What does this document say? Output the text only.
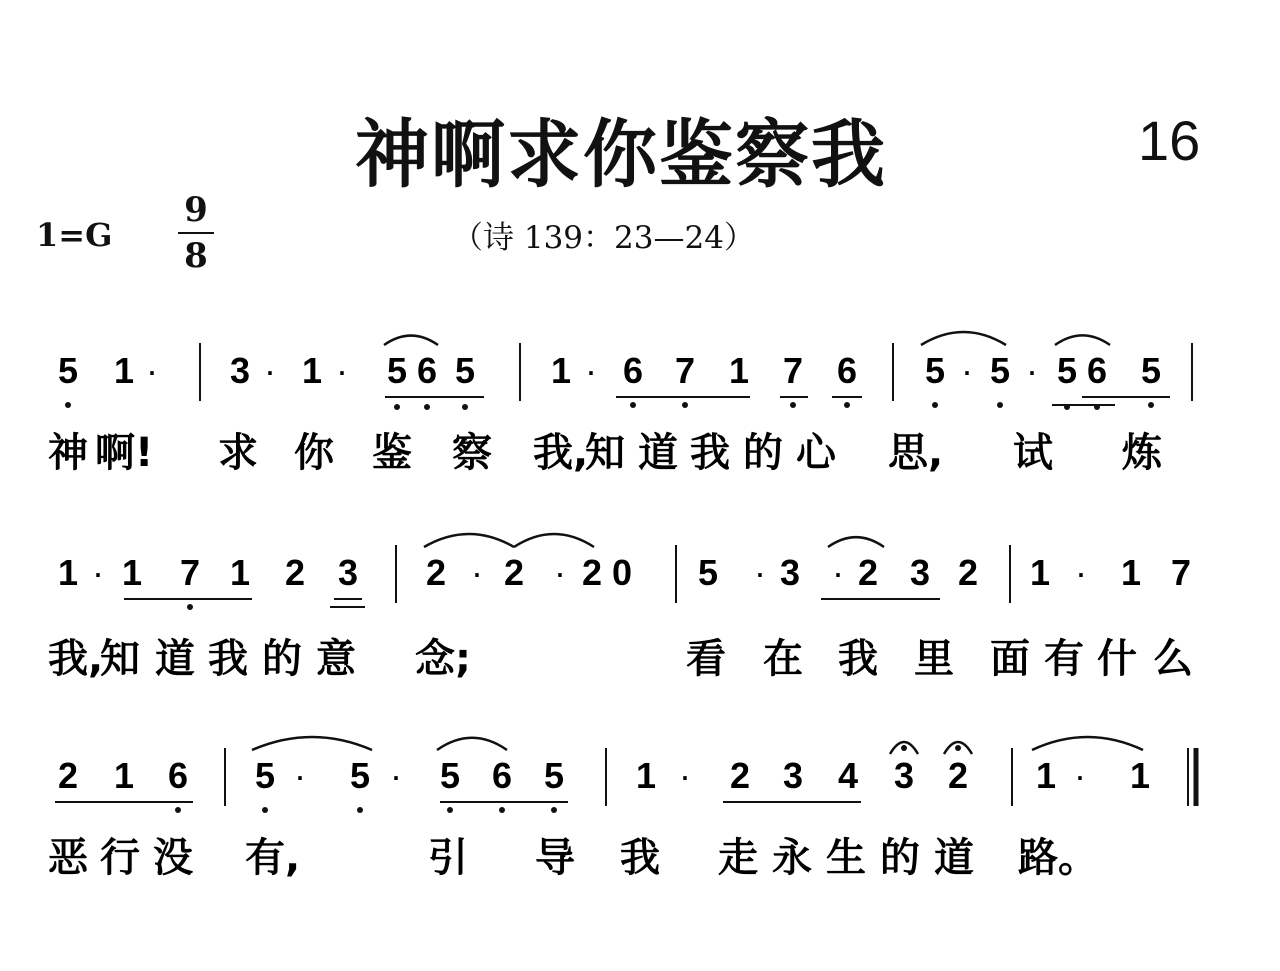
神啊求你鉴察我	16
1=G
9
8	（诗 139：23—24）
5 1 · 3 · 1 · 5 6 5 1 · 6 7 1 7 6 5 · 5 · 5 6 5
神 啊! 求 你 鉴 察 我,
知 道 我 的 心 思, 试 炼
1 · 1 7 1 2 3 2 · 2 · 2 0 5 · 3 · 2 3 2 1 · 1 7
我,
知 道 我 的 意 念;	看 在 我 里 面 有 什 么
2 1 6 5 · 5 · 5 6 5 1 · 2 3 4 3 2 1 · 1
恶 行 没 有,	引 导 我 走 永 生 的 道 路。
